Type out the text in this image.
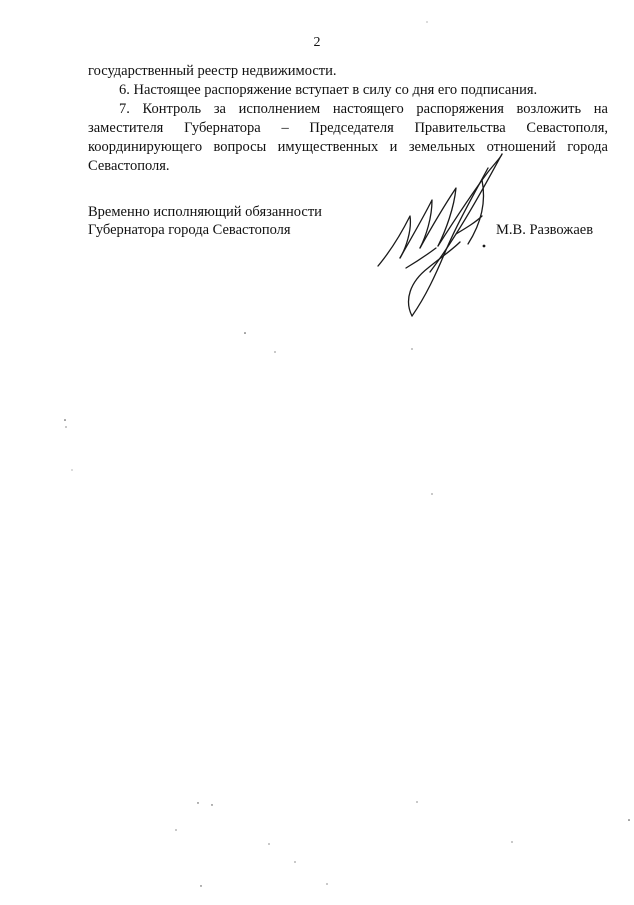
2

государственный реестр недвижимости.

6. Настоящее распоряжение вступает в силу со дня его подписания.

7. Контроль за исполнением настоящего распоряжения возложить на заместителя Губернатора – Председателя Правительства Севастополя, координирующего вопросы имущественных и земельных отношений города Севастополя.

Временно исполняющий обязанности
Губернатора города Севастополя	М.В. Развожаев
